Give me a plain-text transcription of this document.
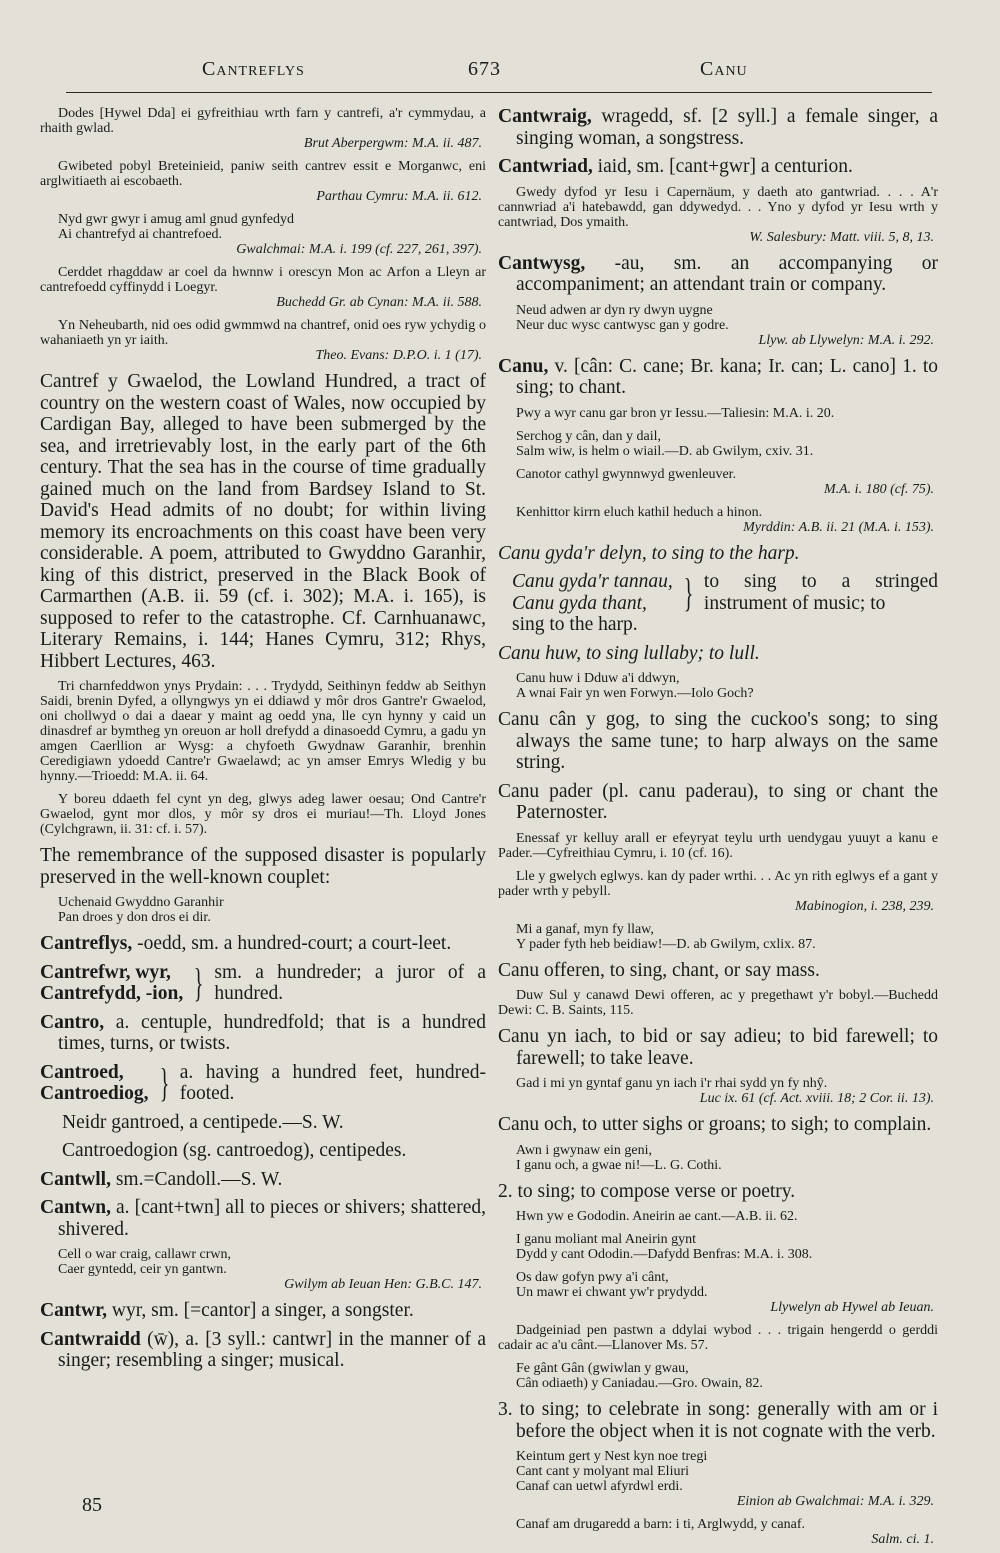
Cantreflys	673	Canu
Dodes [Hywel Dda] ei gyfreithiau wrth farn y cantrefi, a'r cymmydau, a rhaith gwlad.
Brut Aberpergwm: M.A. ii. 487.
Gwibeted pobyl Breteinieid, paniw seith cantrev essit e Morganwc, eni arglwitiaeth ai escobaeth.
Parthau Cymru: M.A. ii. 612.
Nyd gwr gwyr i amug aml gnud gynfedyd
Ai chantrefyd ai chantrefoed.
Gwalchmai: M.A. i. 199 (cf. 227, 261, 397).
Cerddet rhagddaw ar coel da hwnnw i orescyn Mon ac Arfon a Lleyn ar cantrefoedd cyffinydd i Loegyr.
Buchedd Gr. ab Cynan: M.A. ii. 588.
Yn Neheubarth, nid oes odid gwmmwd na chantref, onid oes ryw ychydig o wahaniaeth yn yr iaith.
Theo. Evans: D.P.O. i. 1 (17).
Cantref y Gwaelod, the Lowland Hundred, a tract of country on the western coast of Wales, now occupied by Cardigan Bay, alleged to have been submerged by the sea, and irretrievably lost, in the early part of the 6th century. That the sea has in the course of time gradually gained much on the land from Bardsey Island to St. David's Head admits of no doubt; for within living memory its encroachments on this coast have been very considerable. A poem, attributed to Gwyddno Garanhir, king of this district, preserved in the Black Book of Carmarthen (A.B. ii. 59 (cf. i. 302); M.A. i. 165), is supposed to refer to the catastrophe. Cf. Carnhuanawc, Literary Remains, i. 144; Hanes Cymru, 312; Rhys, Hibbert Lectures, 463.
Tri charnfeddwon ynys Prydain: . . . Trydydd, Seithinyn feddw ab Seithyn Saidi, brenin Dyfed, a ollyngwys yn ei ddiawd y môr dros Gantre'r Gwaelod, oni chollwyd o dai a daear y maint ag oedd yna, lle cyn hynny y caid un dinasdref ar bymtheg yn oreuon ar holl drefydd a dinasoedd Cymru, a gadu yn amgen Caerllion ar Wysg: a chyfoeth Gwydnaw Garanhir, brenhin Ceredigiawn ydoedd Cantre'r Gwaelawd; ac yn amser Emrys Wledig y bu hynny.—Trioedd: M.A. ii. 64.
Y boreu ddaeth fel cynt yn deg, glwys adeg lawer oesau; Ond Cantre'r Gwaelod, gynt mor dlos, y môr sy dros ei muriau!—Th. Lloyd Jones (Cylchgrawn, ii. 31: cf. i. 57).
The remembrance of the supposed disaster is popularly preserved in the well-known couplet:
Uchenaid Gwyddno Garanhir
Pan droes y don dros ei dir.
Cantreflys, -oedd, sm. a hundred-court; a court-leet.
Cantrefwr, wyr,
Cantrefydd, -ion, } sm. a hundreder; a juror of a hundred.
Cantro, a. centuple, hundredfold; that is a hundred times, turns, or twists.
Cantroed,
Cantroediog, } a. having a hundred feet, hundred-footed.
Neidr gantroed, a centipede.—S. W.
Cantroedogion (sg. cantroedog), centipedes.
Cantwll, sm.=Candoll.—S. W.
Cantwn, a. [cant+twn] all to pieces or shivers; shattered, shivered.
Cell o war craig, callawr crwn,
Caer gyntedd, ceir yn gantwn.
Gwilym ab Ieuan Hen: G.B.C. 147.
Cantwr, wyr, sm. [=cantor] a singer, a songster.
Cantwraidd (w̄), a. [3 syll.: cantwr] in the manner of a singer; resembling a singer; musical.
Cantwraig, wragedd, sf. [2 syll.] a female singer, a singing woman, a songstress.
Cantwriad, iaid, sm. [cant+gwr] a centurion.
Gwedy dyfod yr Iesu i Capernäum, y daeth ato gantwriad. . . . A'r cannwriad a'i hatebawdd, gan ddywedyd. . . Yno y dyfod yr Iesu wrth y cantwriad, Dos ymaith.
W. Salesbury: Matt. viii. 5, 8, 13.
Cantwysg, -au, sm. an accompanying or accompaniment; an attendant train or company.
Neud adwen ar dyn ry dwyn uygne
Neur duc wysc cantwysc gan y godre.
Llyw. ab Llywelyn: M.A. i. 292.
Canu, v. [cân: C. cane; Br. kana; Ir. can; L. cano] 1. to sing; to chant.
Pwy a wyr canu gar bron yr Iessu.—Taliesin: M.A. i. 20.
Serchog y cân, dan y dail,
Salm wiw, is helm o wiail.—D. ab Gwilym, cxiv. 31.
Canotor cathyl gwynnwyd gwenleuver.
M.A. i. 180 (cf. 75).
Kenhittor kirrn eluch kathil heduch a hinon.
Myrddin: A.B. ii. 21 (M.A. i. 153).
Canu gyda'r delyn, to sing to the harp.
Canu gyda'r tannau,
Canu gyda thant, } to sing to a stringed instrument of music; to
sing to the harp.
Canu huw, to sing lullaby; to lull.
Canu huw i Dduw a'i ddwyn,
A wnai Fair yn wen Forwyn.—Iolo Goch?
Canu cân y gog, to sing the cuckoo's song; to sing always the same tune; to harp always on the same string.
Canu pader (pl. canu paderau), to sing or chant the Paternoster.
Enessaf yr kelluy arall er efeyryat teylu urth uendygau yuuyt a kanu e Pader.—Cyfreithiau Cymru, i. 10 (cf. 16).
Lle y gwelych eglwys. kan dy pader wrthi. . . Ac yn rith eglwys ef a gant y pader wrth y pebyll.
Mabinogion, i. 238, 239.
Mi a ganaf, myn fy llaw,
Y pader fyth heb beidiaw!—D. ab Gwilym, cxlix. 87.
Canu offeren, to sing, chant, or say mass.
Duw Sul y canawd Dewi offeren, ac y pregethawt y'r bobyl.—Buchedd Dewi: C. B. Saints, 115.
Canu yn iach, to bid or say adieu; to bid farewell; to farewell; to take leave.
Gad i mi yn gyntaf ganu yn iach i'r rhai sydd yn fy nhŷ.
Luc ix. 61 (cf. Act. xviii. 18; 2 Cor. ii. 13).
Canu och, to utter sighs or groans; to sigh; to complain.
Awn i gwynaw ein geni,
I ganu och, a gwae ni!—L. G. Cothi.
2. to sing; to compose verse or poetry.
Hwn yw e Gododin. Aneirin ae cant.—A.B. ii. 62.
I ganu moliant mal Aneirin gynt
Dydd y cant Ododin.—Dafydd Benfras: M.A. i. 308.
Os daw gofyn pwy a'i cânt,
Un mawr ei chwant yw'r prydydd.
Llywelyn ab Hywel ab Ieuan.
Dadgeiniad pen pastwn a ddylai wybod . . . trigain hengerdd o gerddi cadair ac a'u cânt.—Llanover Ms. 57.
Fe gânt Gân (gwiwlan y gwau,
Cân odiaeth) y Caniadau.—Gro. Owain, 82.
3. to sing; to celebrate in song: generally with am or i before the object when it is not cognate with the verb.
Keintum gert y Nest kyn noe tregi
Cant cant y molyant mal Eliuri
Canaf can uetwl afyrdwl erdi.
Einion ab Gwalchmai: M.A. i. 329.
Canaf am drugaredd a barn: i ti, Arglwydd, y canaf.
Salm. ci. 1.
85
